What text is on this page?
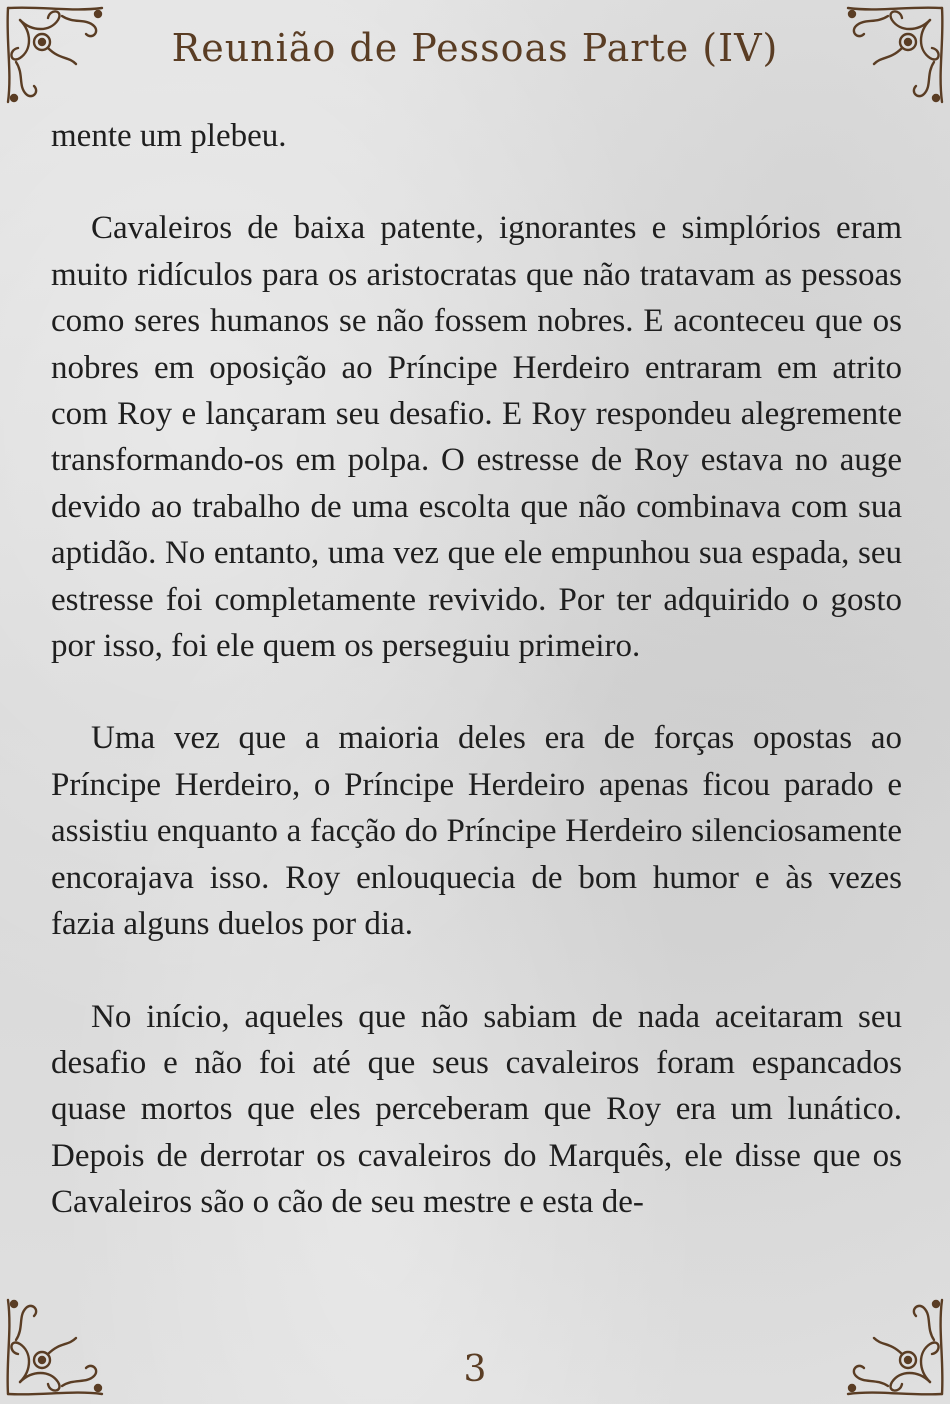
Reunião de Pessoas Parte (IV)

mente um plebeu.

Cavaleiros de baixa patente, ignorantes e simplórios eram muito ridículos para os aristocratas que não tratavam as pessoas como seres humanos se não fossem nobres. E aconteceu que os nobres em oposição ao Príncipe Herdeiro entraram em atrito com Roy e lançaram seu desafio. E Roy respondeu alegremente transformando-os em polpa. O estresse de Roy estava no auge devido ao trabalho de uma escolta que não combinava com sua aptidão. No entanto, uma vez que ele empunhou sua espada, seu estresse foi completamente revivido. Por ter adquirido o gosto por isso, foi ele quem os perseguiu primeiro.

Uma vez que a maioria deles era de forças opostas ao Príncipe Herdeiro, o Príncipe Herdeiro apenas ficou parado e assistiu enquanto a facção do Príncipe Herdeiro silenciosamente encorajava isso. Roy enlouquecia de bom humor e às vezes fazia alguns duelos por dia.

No início, aqueles que não sabiam de nada aceitaram seu desafio e não foi até que seus cavaleiros foram espancados quase mortos que eles perceberam que Roy era um lunático. Depois de derrotar os cavaleiros do Marquês, ele disse que os Cavaleiros são o cão de seu mestre e esta de-

3
